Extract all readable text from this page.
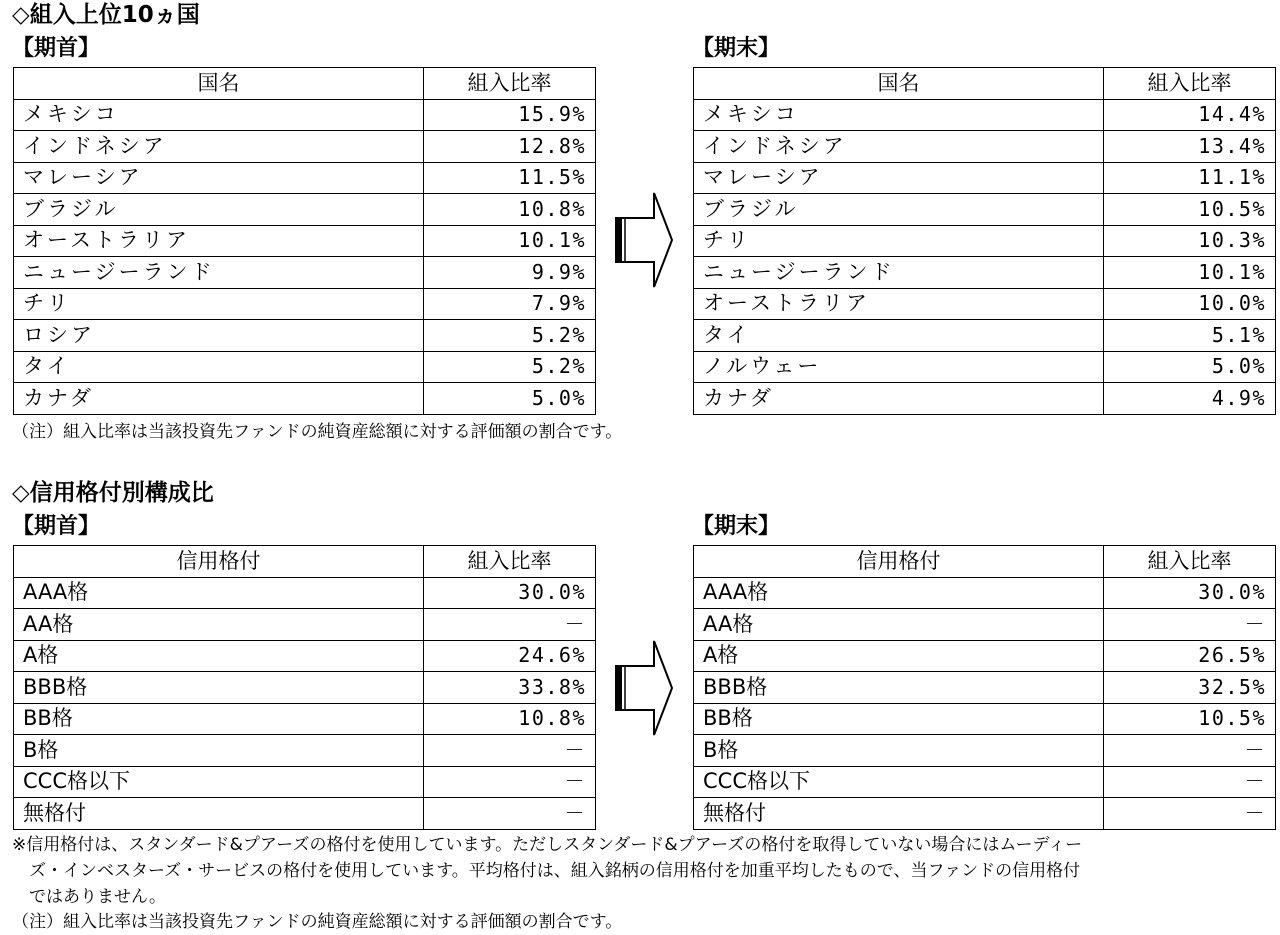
◇組入上位10ヵ国
【期首】	【期末】
国名	組入比率
メキシコ	15.9%
インドネシア	12.8%
マレーシア	11.5%
ブラジル	10.8%
オーストラリア	10.1%
ニュージーランド	9.9%
チリ	7.9%
ロシア	5.2%
タイ	5.2%
カナダ	5.0%
国名	組入比率
メキシコ	14.4%
インドネシア	13.4%
マレーシア	11.1%
ブラジル	10.5%
チリ	10.3%
ニュージーランド	10.1%
オーストラリア	10.0%
タイ	5.1%
ノルウェー	5.0%
カナダ	4.9%
（注）組入比率は当該投資先ファンドの純資産総額に対する評価額の割合です。
◇信用格付別構成比
【期首】	【期末】
信用格付	組入比率
AAA格	30.0%
AA格	－
A格	24.6%
BBB格	33.8%
BB格	10.8%
B格	－
CCC格以下	－
無格付	－
信用格付	組入比率
AAA格	30.0%
AA格	－
A格	26.5%
BBB格	32.5%
BB格	10.5%
B格	－
CCC格以下	－
無格付	－
※信用格付は、スタンダード&プアーズの格付を使用しています。ただしスタンダード&プアーズの格付を取得していない場合にはムーディー
　ズ・インベスターズ・サービスの格付を使用しています。平均格付は、組入銘柄の信用格付を加重平均したもので、当ファンドの信用格付
　ではありません。
（注）組入比率は当該投資先ファンドの純資産総額に対する評価額の割合です。
